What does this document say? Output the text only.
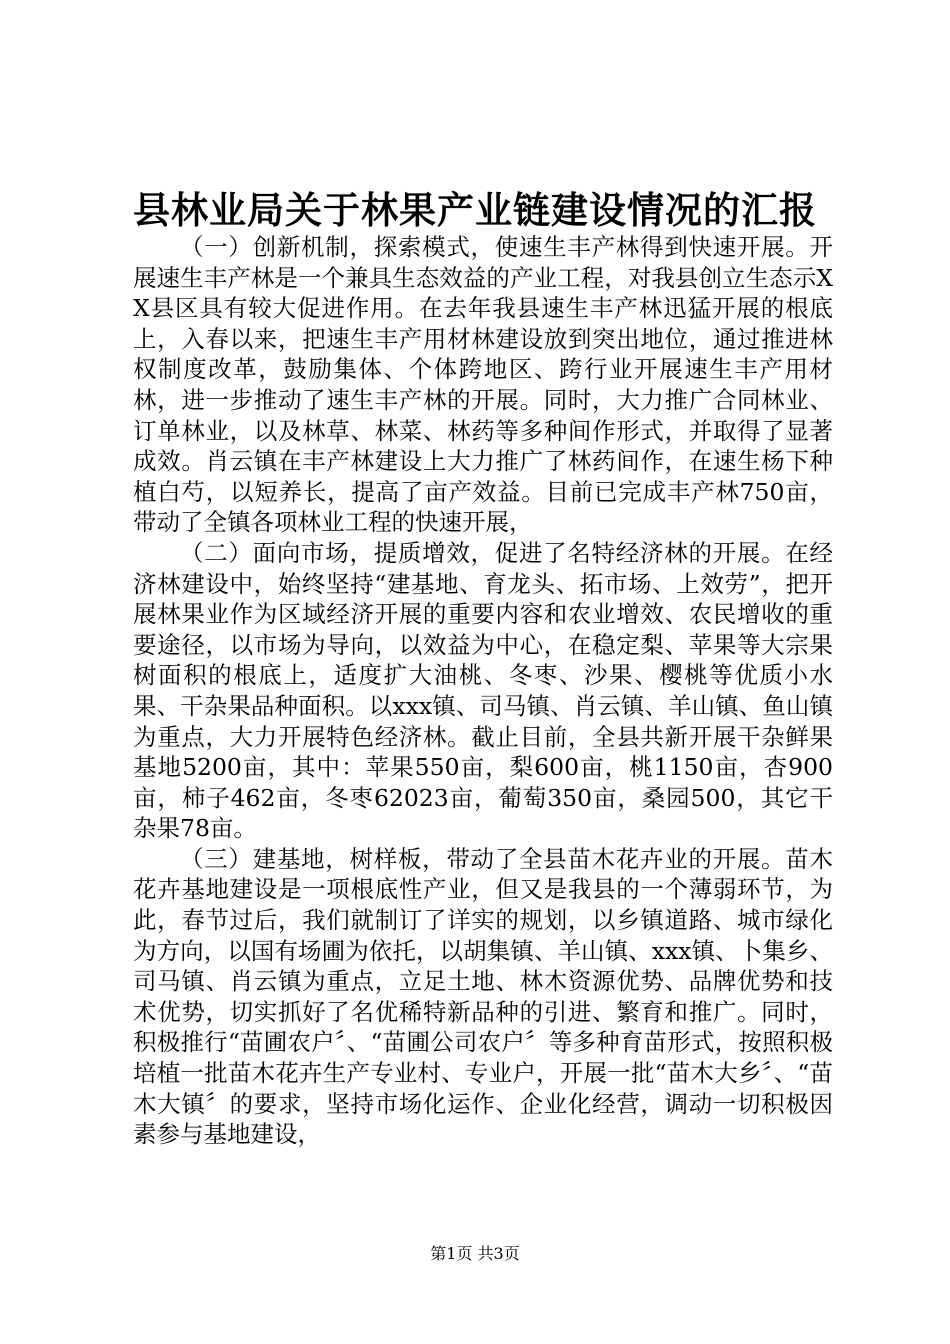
县林业局关于林果产业链建设情况的汇报

（一）创新机制，探索模式，使速生丰产林得到快速开展。开展速生丰产林是一个兼具生态效益的产业工程，对我县创立生态示XX县区具有较大促进作用。在去年我县速生丰产林迅猛开展的根底上，入春以来，把速生丰产用材林建设放到突出地位，通过推进林权制度改革，鼓励集体、个体跨地区、跨行业开展速生丰产用材林，进一步推动了速生丰产林的开展。同时，大力推广合同林业、订单林业，以及林草、林菜、林药等多种间作形式，并取得了显著成效。肖云镇在丰产林建设上大力推广了林药间作，在速生杨下种植白芍，以短养长，提高了亩产效益。目前已完成丰产林750亩，带动了全镇各项林业工程的快速开展，

（二）面向市场，提质增效，促进了名特经济林的开展。在经济林建设中，始终坚持“建基地、育龙头、拓市场、上效劳”，把开展林果业作为区域经济开展的重要内容和农业增效、农民增收的重要途径，以市场为导向，以效益为中心，在稳定梨、苹果等大宗果树面积的根底上，适度扩大油桃、冬枣、沙果、樱桃等优质小水果、干杂果品种面积。以xxx镇、司马镇、肖云镇、羊山镇、鱼山镇为重点，大力开展特色经济林。截止目前，全县共新开展干杂鲜果基地5200亩，其中：苹果550亩，梨600亩，桃1150亩，杏900亩，柿子462亩，冬枣62023亩，葡萄350亩，桑园500，其它干杂果78亩。

（三）建基地，树样板，带动了全县苗木花卉业的开展。苗木花卉基地建设是一项根底性产业，但又是我县的一个薄弱环节，为此，春节过后，我们就制订了详实的规划，以乡镇道路、城市绿化为方向，以国有场圃为依托，以胡集镇、羊山镇、xxx镇、卜集乡、司马镇、肖云镇为重点，立足土地、林木资源优势、品牌优势和技术优势，切实抓好了名优稀特新品种的引进、繁育和推广。同时，积极推行“苗圃农户〞、“苗圃公司农户〞等多种育苗形式，按照积极培植一批苗木花卉生产专业村、专业户，开展一批“苗木大乡〞、“苗木大镇〞的要求，坚持市场化运作、企业化经营，调动一切积极因素参与基地建设，

第1页 共3页
